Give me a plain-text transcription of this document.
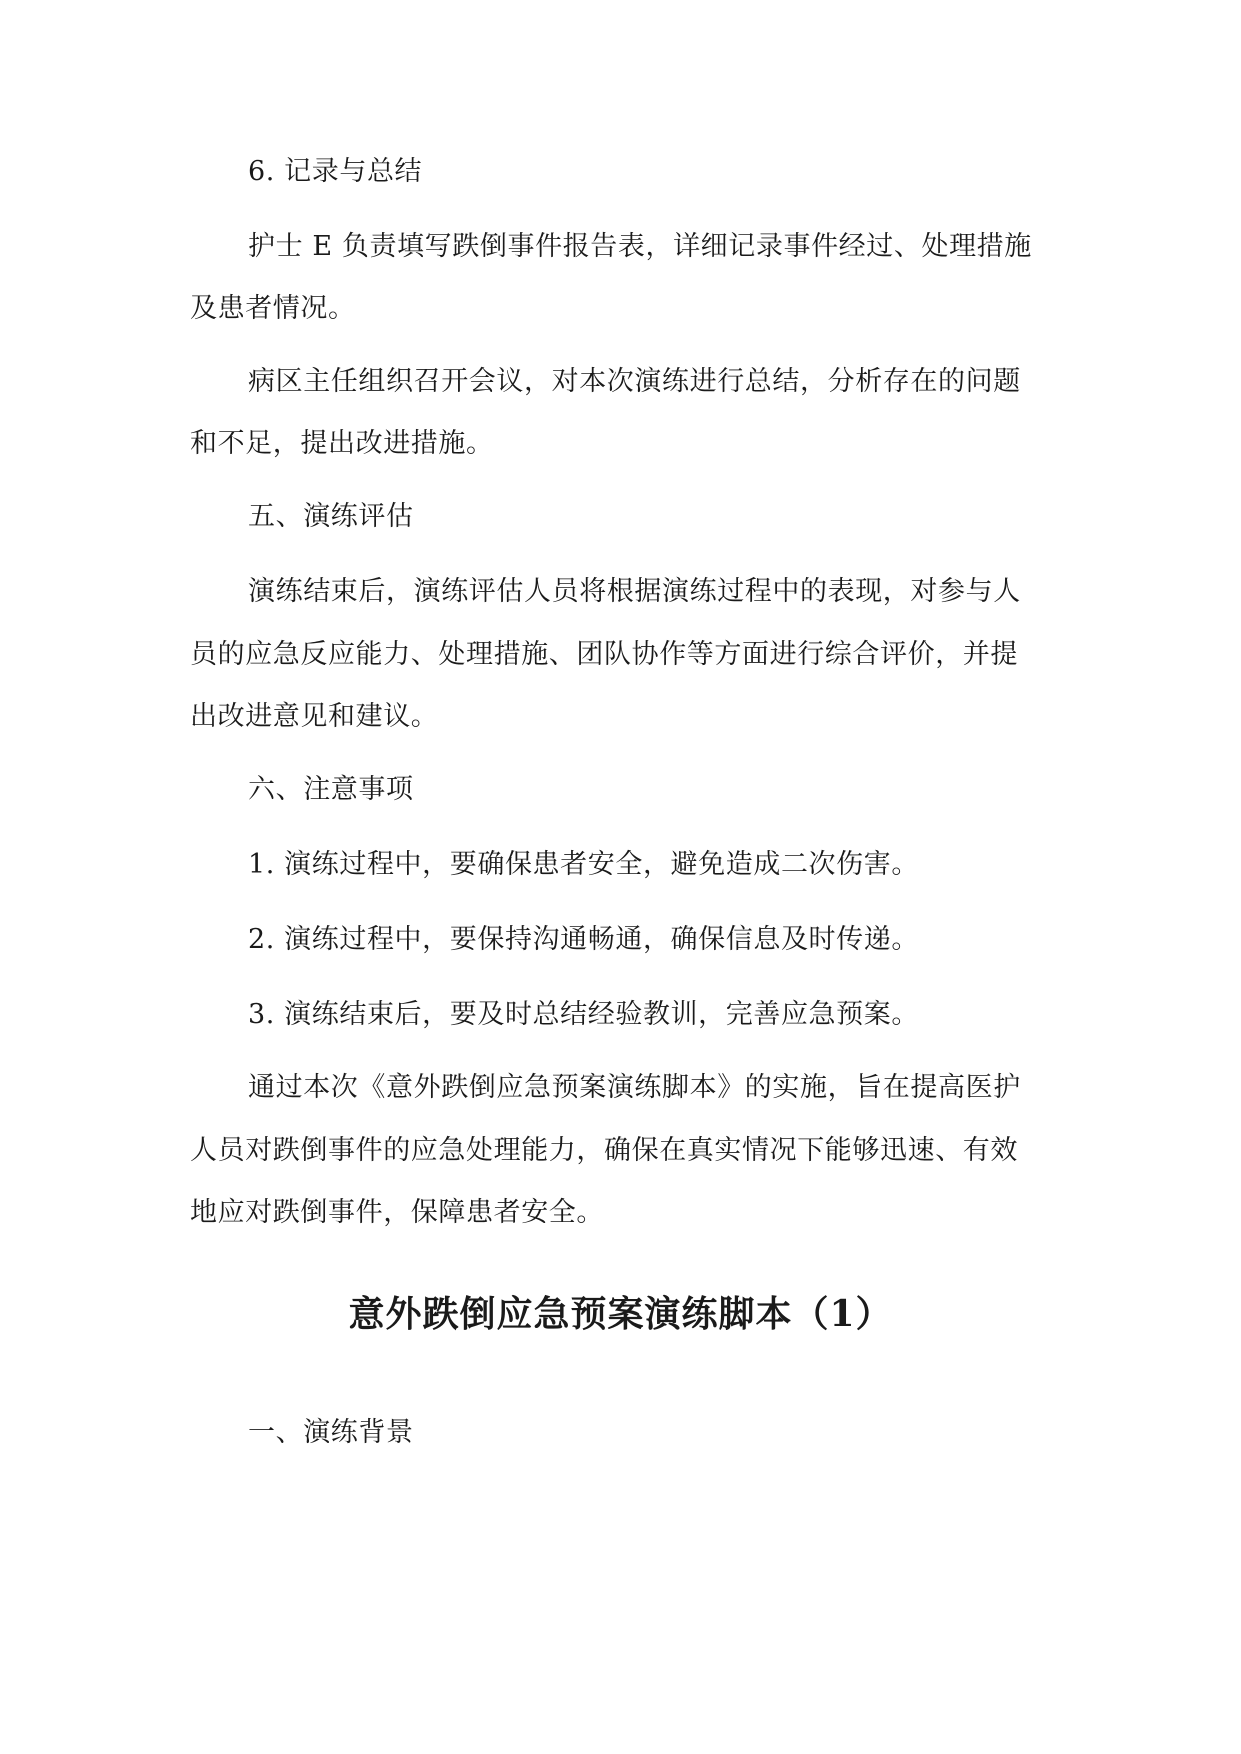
6. 记录与总结
护士 E 负责填写跌倒事件报告表，详细记录事件经过、处理措施
及患者情况。
病区主任组织召开会议，对本次演练进行总结，分析存在的问题
和不足，提出改进措施。
五、演练评估
演练结束后，演练评估人员将根据演练过程中的表现，对参与人
员的应急反应能力、处理措施、团队协作等方面进行综合评价，并提
出改进意见和建议。
六、注意事项
1. 演练过程中，要确保患者安全，避免造成二次伤害。
2. 演练过程中，要保持沟通畅通，确保信息及时传递。
3. 演练结束后，要及时总结经验教训，完善应急预案。
通过本次《意外跌倒应急预案演练脚本》的实施，旨在提高医护
人员对跌倒事件的应急处理能力，确保在真实情况下能够迅速、有效
地应对跌倒事件，保障患者安全。
意外跌倒应急预案演练脚本（1）
一、演练背景
